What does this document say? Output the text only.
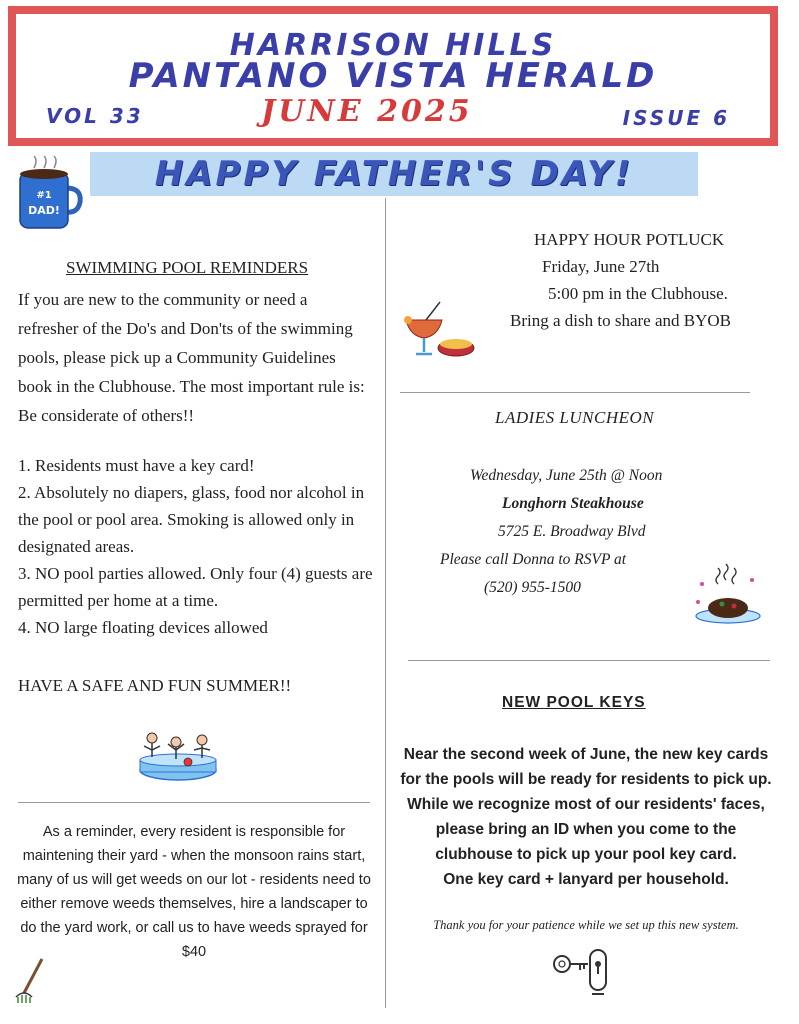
HARRISON HILLS
PANTANO VISTA HERALD
VOL 33	JUNE 2025	ISSUE 6
#1
DAD!
HAPPY FATHER'S DAY!
SWIMMING POOL REMINDERS
If you are new to the community or need a refresher of the Do's and Don'ts of the swimming pools, please pick up a Community Guidelines book in the Clubhouse. The most important rule is: Be considerate of others!!

1. Residents must have a key card!

2. Absolutely no diapers, glass, food nor alcohol in the pool or pool area. Smoking is allowed only in designated areas.

3. NO pool parties allowed. Only four (4) guests are permitted per home at a time.

4. NO large floating devices allowed

HAVE A SAFE AND FUN SUMMER!!
As a reminder, every resident is responsible for maintening their yard - when the monsoon rains start, many of us will get weeds on our lot - residents need to either remove weeds themselves, hire a landscaper to do the yard work, or call us to have weeds sprayed for $40
HAPPY HOUR POTLUCK
Friday, June 27th
5:00 pm in the Clubhouse.
Bring a dish to share and BYOB
LADIES LUNCHEON
Wednesday, June 25th @ Noon
Longhorn Steakhouse
5725 E. Broadway Blvd
Please call Donna to RSVP at
(520) 955-1500
NEW POOL KEYS
Near the second week of June, the new key cards for the pools will be ready for residents to pick up. While we recognize most of our residents' faces, please bring an ID when you come to the clubhouse to pick up your pool key card.
One key card + lanyard per household.
Thank you for your patience while we set up this new system.
